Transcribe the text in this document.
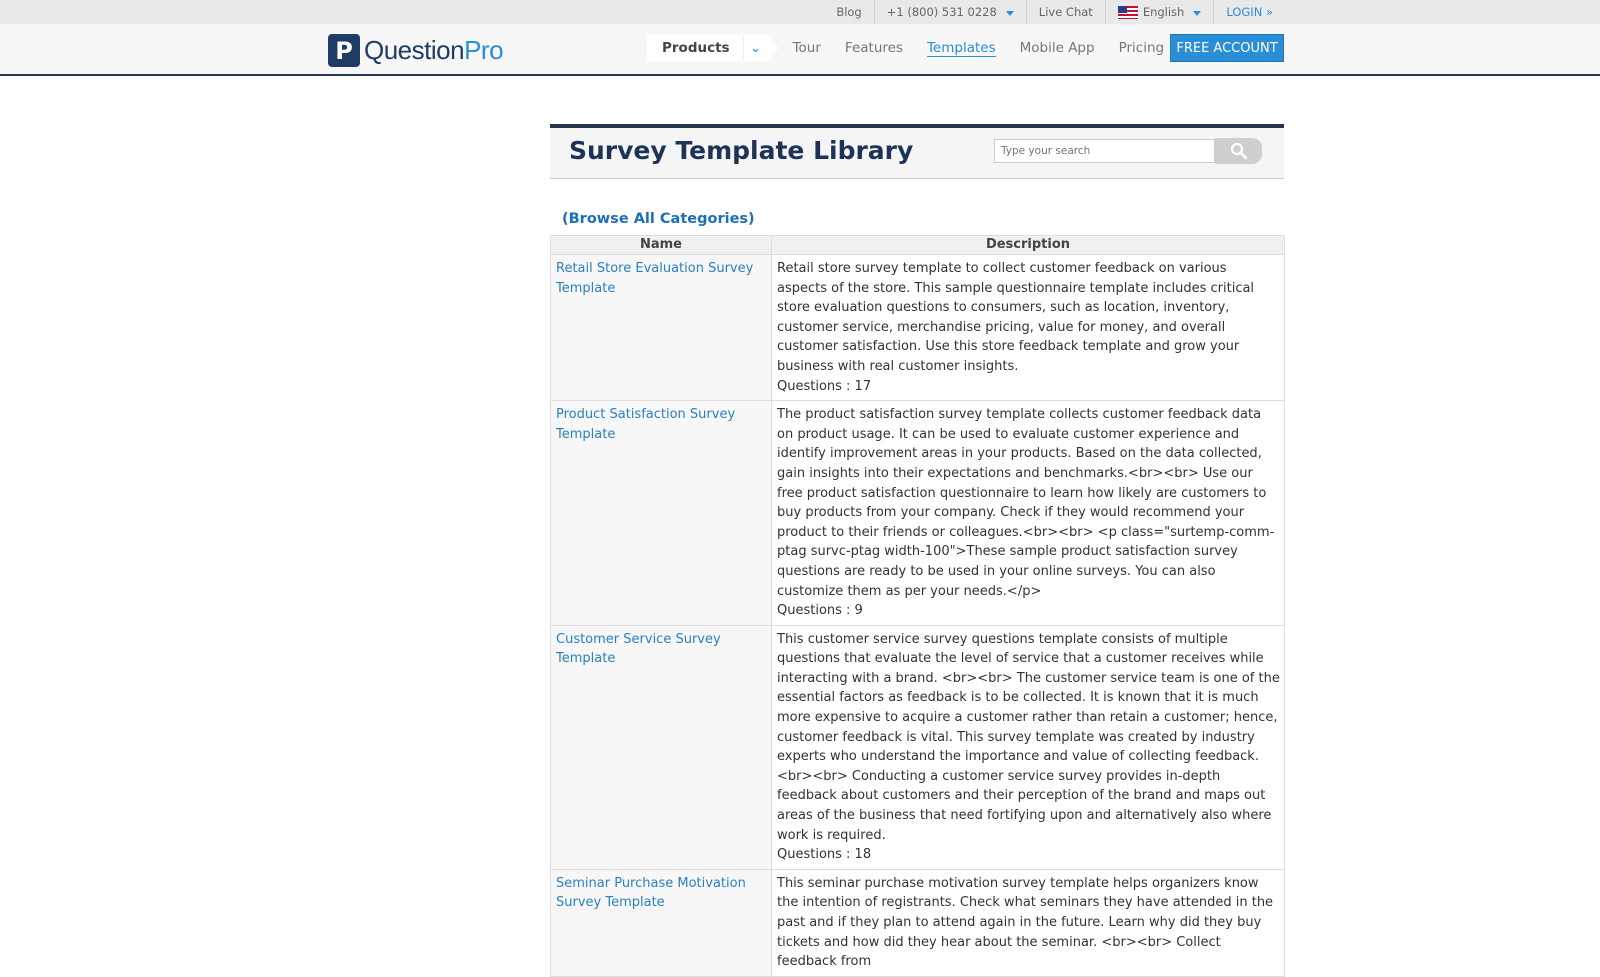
Blog +1 (800) 531 0228	Live Chat	English	LOGIN »
P QuestionPro	Products	⌄	Tour Features Templates Mobile App Pricing FREE ACCOUNT
Survey Template Library
Type your search
(Browse All Categories)
Name	Description
Retail Store Evaluation Survey Template	Retail store survey template to collect customer feedback on various aspects of the store. This sample questionnaire template includes critical store evaluation questions to consumers, such as location, inventory, customer service, merchandise pricing, value for money, and overall customer satisfaction. Use this store feedback template and grow your business with real customer insights.
Questions : 17

Product Satisfaction Survey Template	The product satisfaction survey template collects customer feedback data on product usage. It can be used to evaluate customer experience and identify improvement areas in your products. Based on the data collected, gain insights into their expectations and benchmarks.<br><br> Use our free product satisfaction questionnaire to learn how likely are customers to buy products from your company. Check if they would recommend your product to their friends or colleagues.<br><br> <p class="surtemp-comm-ptag survc-ptag width-100">These sample product satisfaction survey questions are ready to be used in your online surveys. You can also customize them as per your needs.</p>
Questions : 9

Customer Service Survey Template	This customer service survey questions template consists of multiple questions that evaluate the level of service that a customer receives while interacting with a brand. <br><br> The customer service team is one of the essential factors as feedback is to be collected. It is known that it is much more expensive to acquire a customer rather than retain a customer; hence, customer feedback is vital. This survey template was created by industry experts who understand the importance and value of collecting feedback. <br><br> Conducting a customer service survey provides in-depth feedback about customers and their perception of the brand and maps out areas of the business that need fortifying upon and alternatively also where work is required.
Questions : 18

Seminar Purchase Motivation Survey Template	This seminar purchase motivation survey template helps organizers know the intention of registrants. Check what seminars they have attended in the past and if they plan to attend again in the future. Learn why did they buy tickets and how did they hear about the seminar. <br><br> Collect feedback from
